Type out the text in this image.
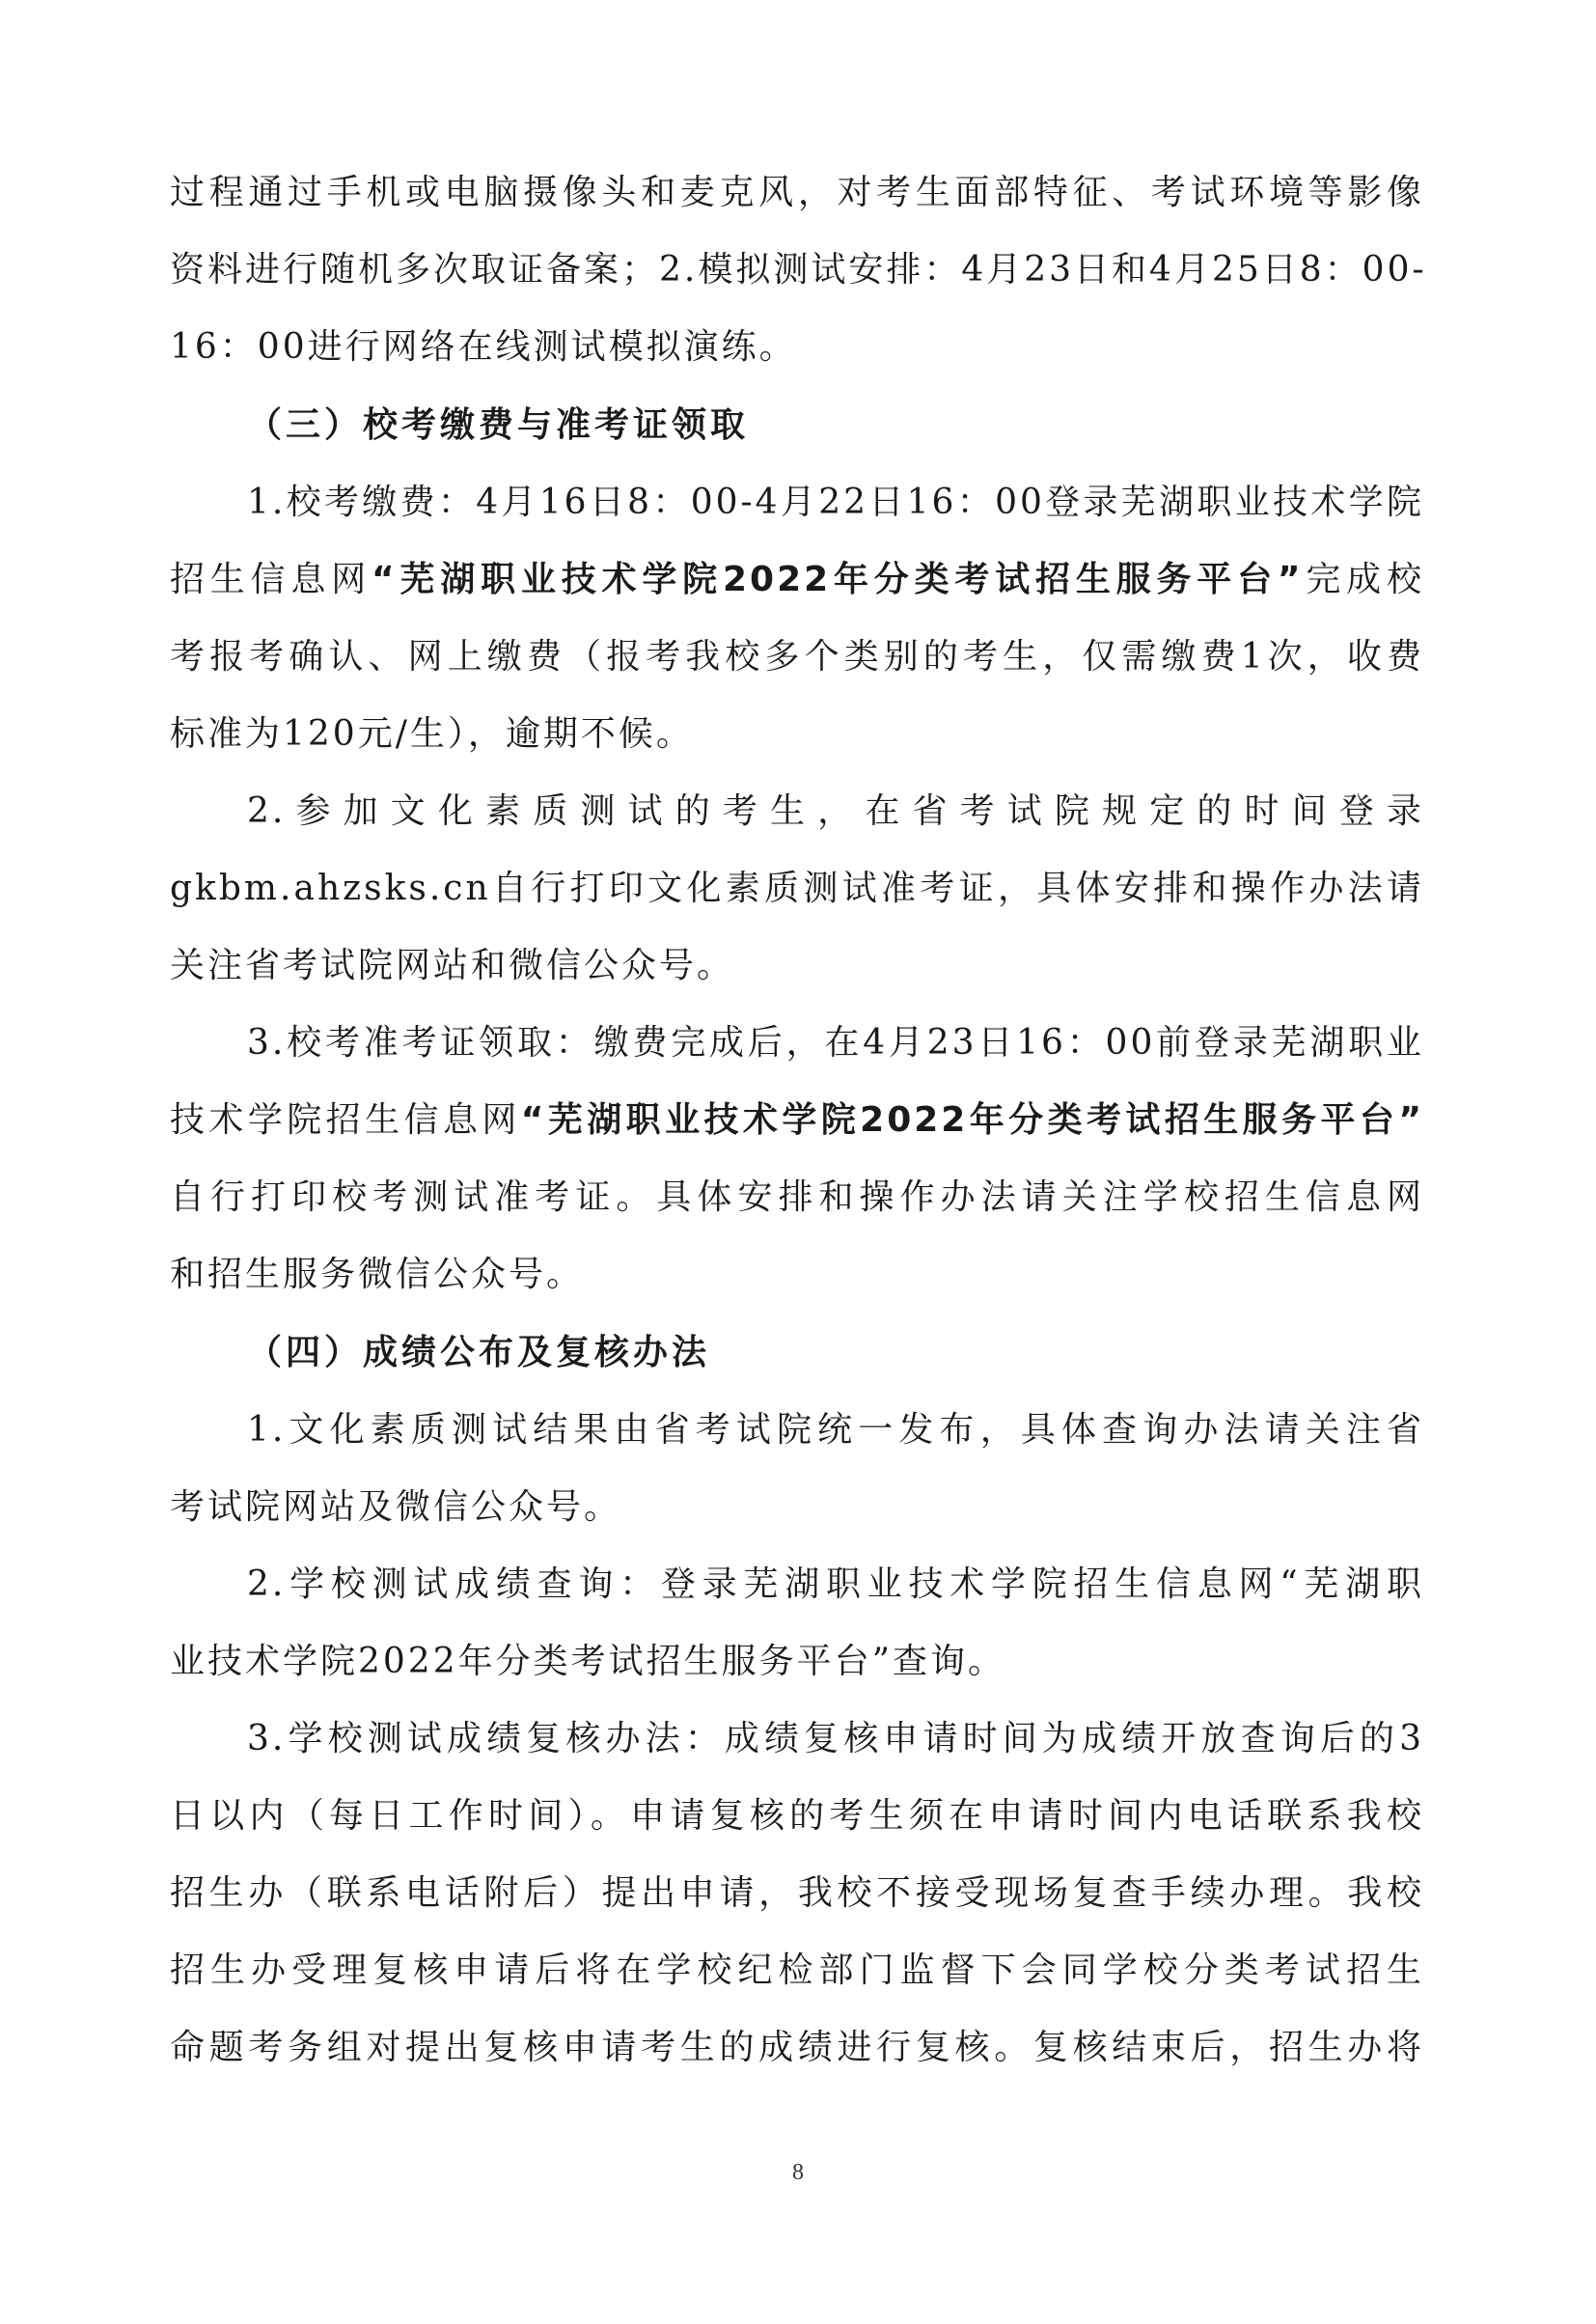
过程通过手机或电脑摄像头和麦克风，对考生面部特征、考试环境等影像
资料进行随机多次取证备案；2.模拟测试安排：4月23日和4月25日8：00-
16：00进行网络在线测试模拟演练。
（三）校考缴费与准考证领取
1.校考缴费：4月16日8：00-4月22日16：00登录芜湖职业技术学院
招生信息网“芜湖职业技术学院2022年分类考试招生服务平台”完成校
考报考确认、网上缴费（报考我校多个类别的考生，仅需缴费1次，收费
标准为120元/生），逾期不候。
2.参加文化素质测试的考生，在省考试院规定的时间登录
gkbm.ahzsks.cn自行打印文化素质测试准考证，具体安排和操作办法请
关注省考试院网站和微信公众号。
3.校考准考证领取：缴费完成后，在4月23日16：00前登录芜湖职业
技术学院招生信息网“芜湖职业技术学院2022年分类考试招生服务平台”
自行打印校考测试准考证。具体安排和操作办法请关注学校招生信息网
和招生服务微信公众号。
（四）成绩公布及复核办法
1.文化素质测试结果由省考试院统一发布，具体查询办法请关注省
考试院网站及微信公众号。
2.学校测试成绩查询：登录芜湖职业技术学院招生信息网“芜湖职
业技术学院2022年分类考试招生服务平台”查询。
3.学校测试成绩复核办法：成绩复核申请时间为成绩开放查询后的3
日以内（每日工作时间）。申请复核的考生须在申请时间内电话联系我校
招生办（联系电话附后）提出申请，我校不接受现场复查手续办理。我校
招生办受理复核申请后将在学校纪检部门监督下会同学校分类考试招生
命题考务组对提出复核申请考生的成绩进行复核。复核结束后，招生办将
8
